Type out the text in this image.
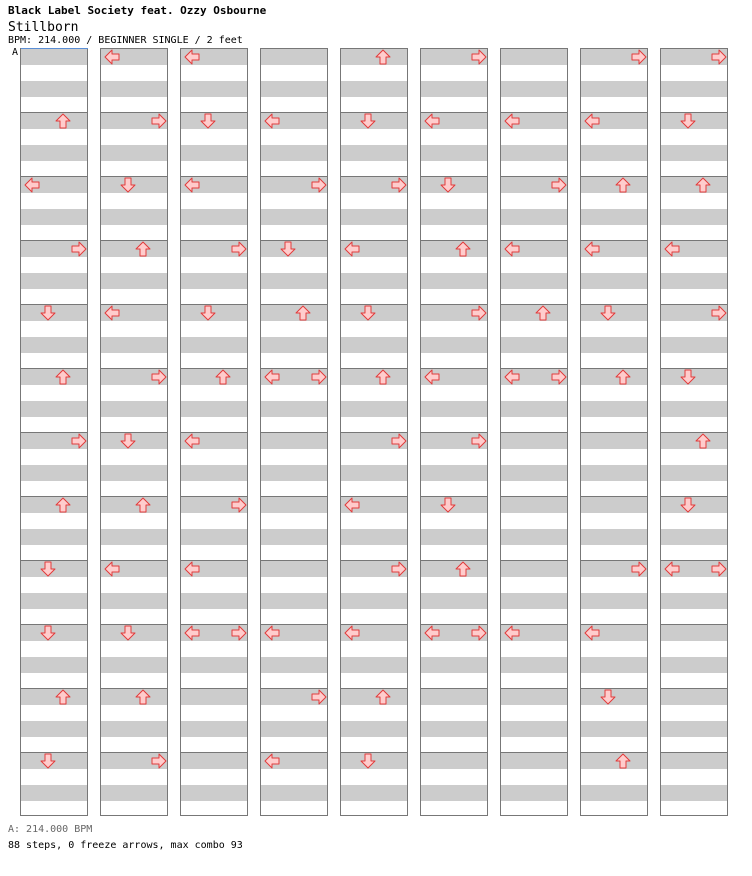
Black Label Society feat. Ozzy Osbourne
Stillborn
BPM: 214.000 / BEGINNER SINGLE / 2 feet
A
A: 214.000 BPM
88 steps, 0 freeze arrows, max combo 93
